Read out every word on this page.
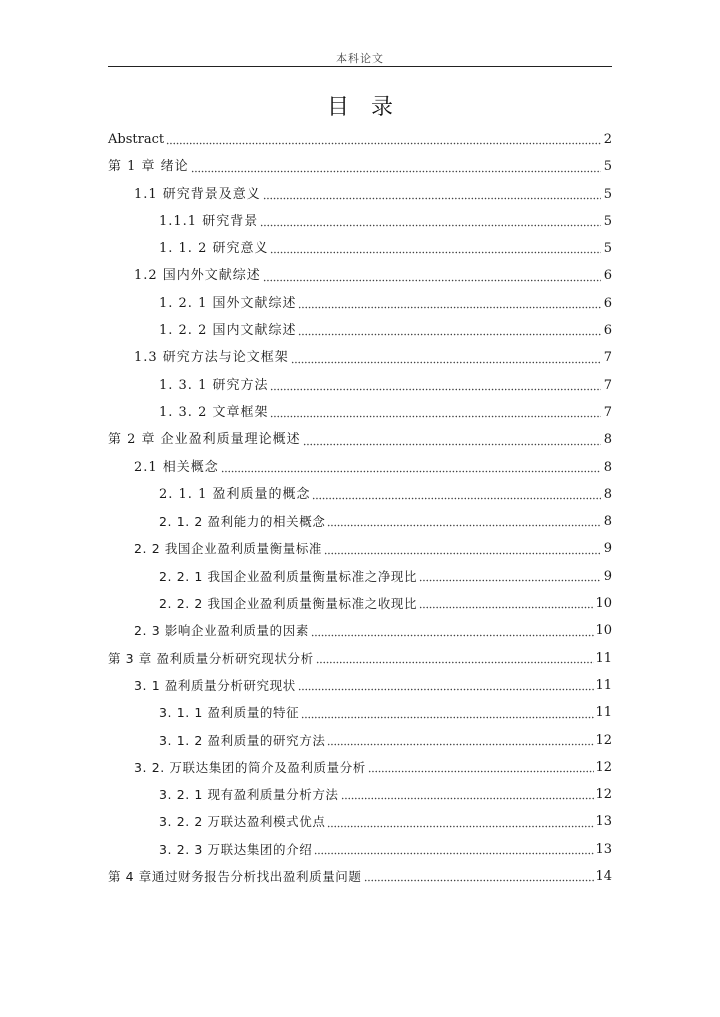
本科论文
目录
Abstract	2
第 1 章 绪论	5
1.1 研究背景及意义	5
1.1.1 研究背景	5
1. 1. 2 研究意义	5
1.2 国内外文献综述	6
1. 2. 1 国外文献综述	6
1. 2. 2 国内文献综述	6
1.3 研究方法与论文框架	7
1. 3. 1 研究方法	7
1. 3. 2 文章框架	7
第 2 章 企业盈利质量理论概述	8
2.1 相关概念	8
2. 1. 1 盈利质量的概念	8
2. 1. 2 盈利能力的相关概念	8
2. 2 我国企业盈利质量衡量标准	9
2. 2. 1 我国企业盈利质量衡量标准之净现比	9
2. 2. 2 我国企业盈利质量衡量标准之收现比	10
2. 3 影响企业盈利质量的因素	10
第 3 章 盈利质量分析研究现状分析	11
3. 1 盈利质量分析研究现状	11
3. 1. 1 盈利质量的特征	11
3. 1. 2 盈利质量的研究方法	12
3. 2. 万联达集团的简介及盈利质量分析	12
3. 2. 1 现有盈利质量分析方法	12
3. 2. 2 万联达盈利模式优点	13
3. 2. 3 万联达集团的介绍	13
第 4 章通过财务报告分析找出盈利质量问题	14
